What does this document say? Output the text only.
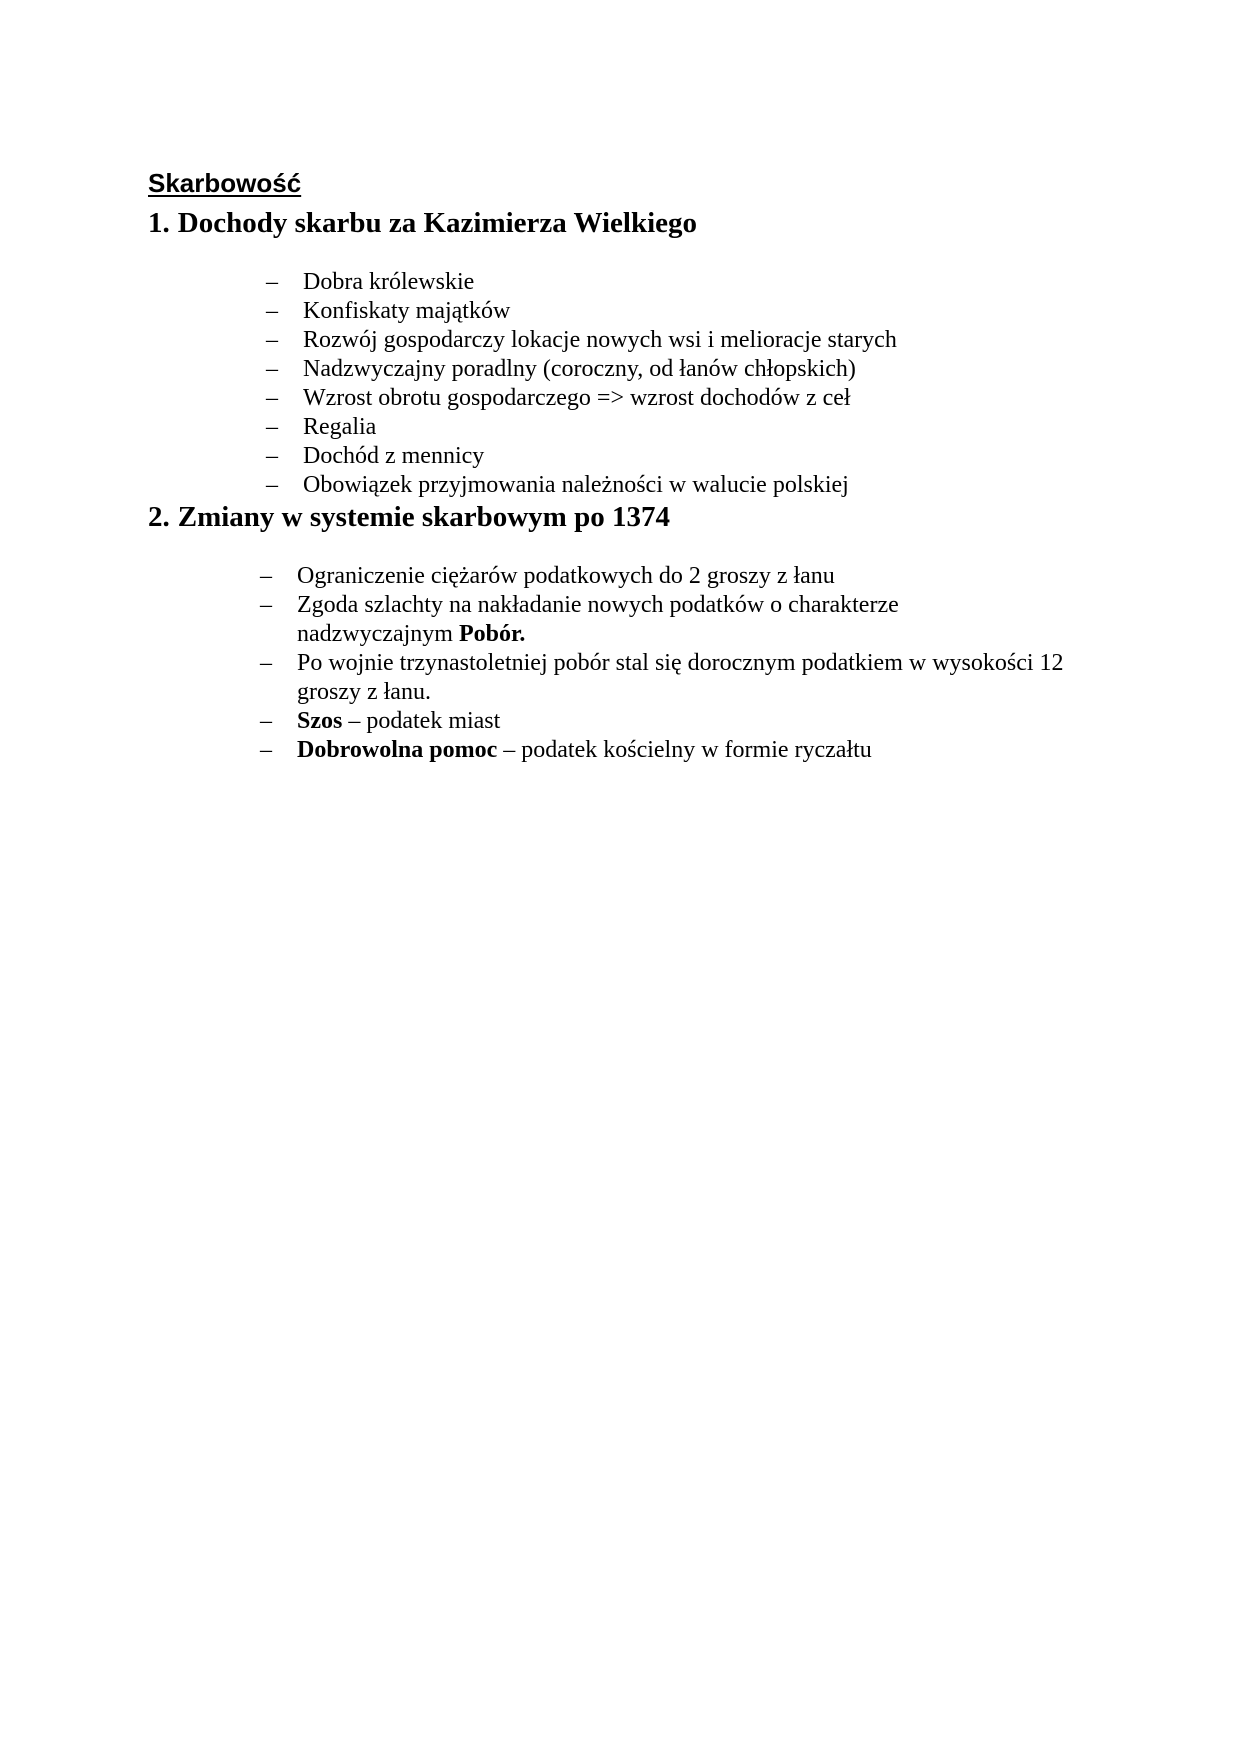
Skarbowość
1. Dochody skarbu za Kazimierza Wielkiego
– Dobra królewskie
– Konfiskaty majątków
– Rozwój gospodarczy lokacje nowych wsi i melioracje starych
– Nadzwyczajny poradlny (coroczny, od łanów chłopskich)
– Wzrost obrotu gospodarczego => wzrost dochodów z ceł
– Regalia
– Dochód z mennicy
– Obowiązek przyjmowania należności w walucie polskiej
2. Zmiany w systemie skarbowym po 1374
– Ograniczenie ciężarów podatkowych do 2 groszy z łanu
– Zgoda szlachty na nakładanie nowych podatków o charakterze nadzwyczajnym Pobór.
– Po wojnie trzynastoletniej pobór stal się dorocznym podatkiem w wysokości 12 groszy z łanu.
– Szos – podatek miast
– Dobrowolna pomoc – podatek kościelny w formie ryczałtu
